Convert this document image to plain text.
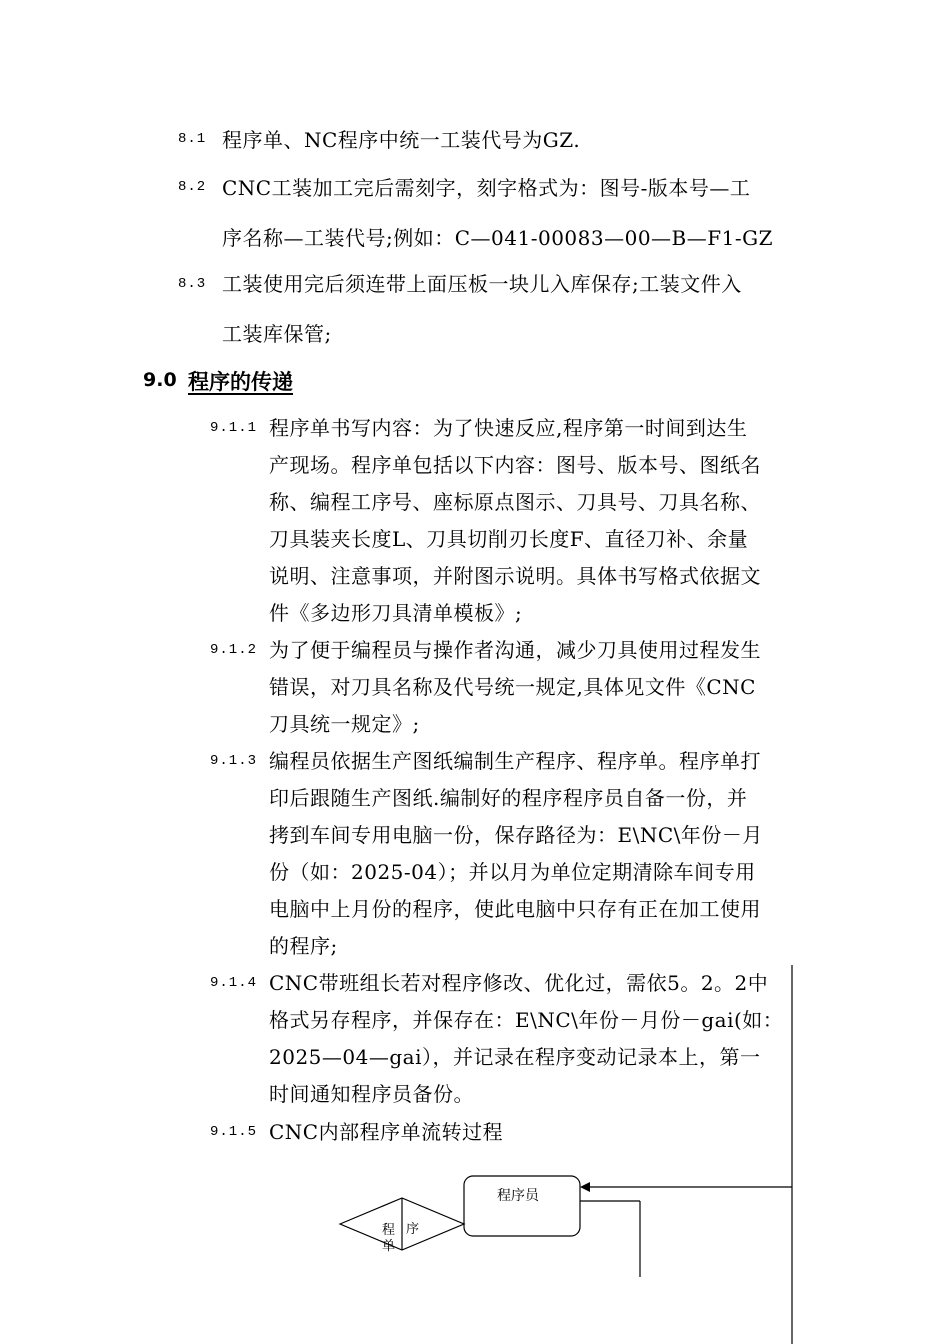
8.1 程序单、NC程序中统一工装代号为GZ.
8.2 CNC工装加工完后需刻字，刻字格式为：图号-版本号—工
序名称—工装代号;例如：C—041-00083—00—B—F1-GZ
8.3 工装使用完后须连带上面压板一块儿入库保存;工装文件入
工装库保管;
9.0 程序的传递
9.1.1 程序单书写内容：为了快速反应,程序第一时间到达生
产现场。程序单包括以下内容：图号、版本号、图纸名
称、编程工序号、座标原点图示、刀具号、刀具名称、
刀具装夹长度L、刀具切削刃长度F、直径刀补、余量
说明、注意事项，并附图示说明。具体书写格式依据文
件《多边形刀具清单模板》;
9.1.2 为了便于编程员与操作者沟通，减少刀具使用过程发生
错误，对刀具名称及代号统一规定,具体见文件《CNC
刀具统一规定》;
9.1.3 编程员依据生产图纸编制生产程序、程序单。程序单打
印后跟随生产图纸.编制好的程序程序员自备一份，并
拷到车间专用电脑一份，保存路径为：E\NC\年份－月
份（如：2025-04）；并以月为单位定期清除车间专用
电脑中上月份的程序，使此电脑中只存有正在加工使用
的程序;
9.1.4 CNC带班组长若对程序修改、优化过，需依5。2。2中
格式另存程序，并保存在：E\NC\年份－月份－gai(如：
2025—04—gai），并记录在程序变动记录本上，第一
时间通知程序员备份。
9.1.5 CNC内部程序单流转过程
程序员
程 序
单
